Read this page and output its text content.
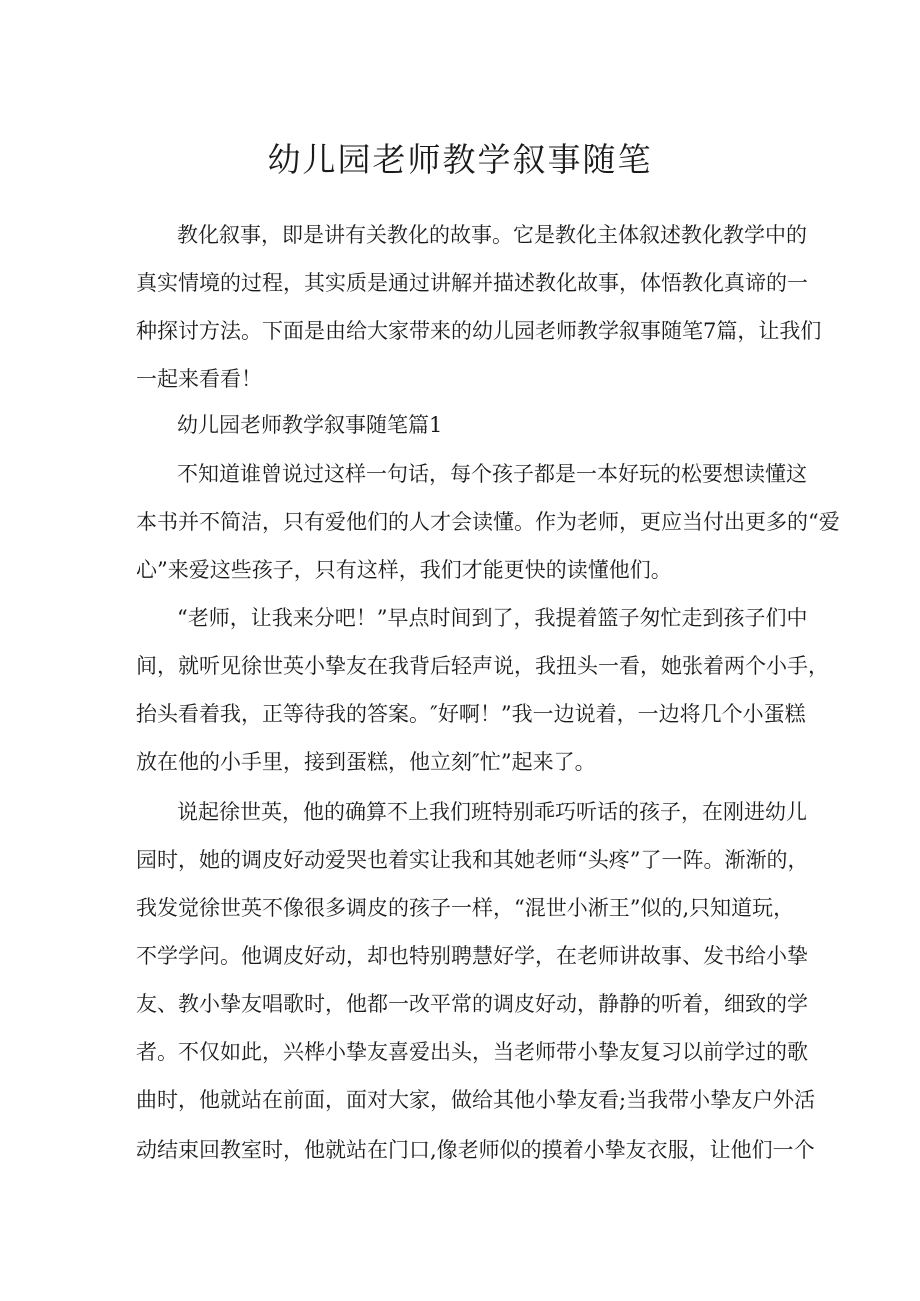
幼儿园老师教学叙事随笔

教化叙事，即是讲有关教化的故事。它是教化主体叙述教化教学中的

真实情境的过程，其实质是通过讲解并描述教化故事，体悟教化真谛的一

种探讨方法。下面是由给大家带来的幼儿园老师教学叙事随笔7篇，让我们

一起来看看！

幼儿园老师教学叙事随笔篇1

不知道谁曾说过这样一句话，每个孩子都是一本好玩的松要想读懂这

本书并不简洁，只有爱他们的人才会读懂。作为老师，更应当付出更多的“爱

心”来爱这些孩子，只有这样，我们才能更快的读懂他们。

“老师，让我来分吧！”早点时间到了，我提着篮子匆忙走到孩子们中

间，就听见徐世英小挚友在我背后轻声说，我扭头一看，她张着两个小手，

抬头看着我，正等待我的答案。″好啊！”我一边说着，一边将几个小蛋糕

放在他的小手里，接到蛋糕，他立刻″忙”起来了。

说起徐世英，他的确算不上我们班特别乖巧听话的孩子，在刚进幼儿

园时，她的调皮好动爱哭也着实让我和其她老师“头疼”了一阵。渐渐的，

我发觉徐世英不像很多调皮的孩子一样，“混世小淅王”似的,只知道玩，

不学学问。他调皮好动，却也特别聘慧好学，在老师讲故事、发书给小挚

友、教小挚友唱歌时，他都一改平常的调皮好动，静静的听着，细致的学

者。不仅如此，兴桦小挚友喜爱出头，当老师带小挚友复习以前学过的歌

曲时，他就站在前面，面对大家，做给其他小挚友看;当我带小挚友户外活

动结束回教室时，他就站在门口,像老师似的摸着小挚友衣服，让他们一个
